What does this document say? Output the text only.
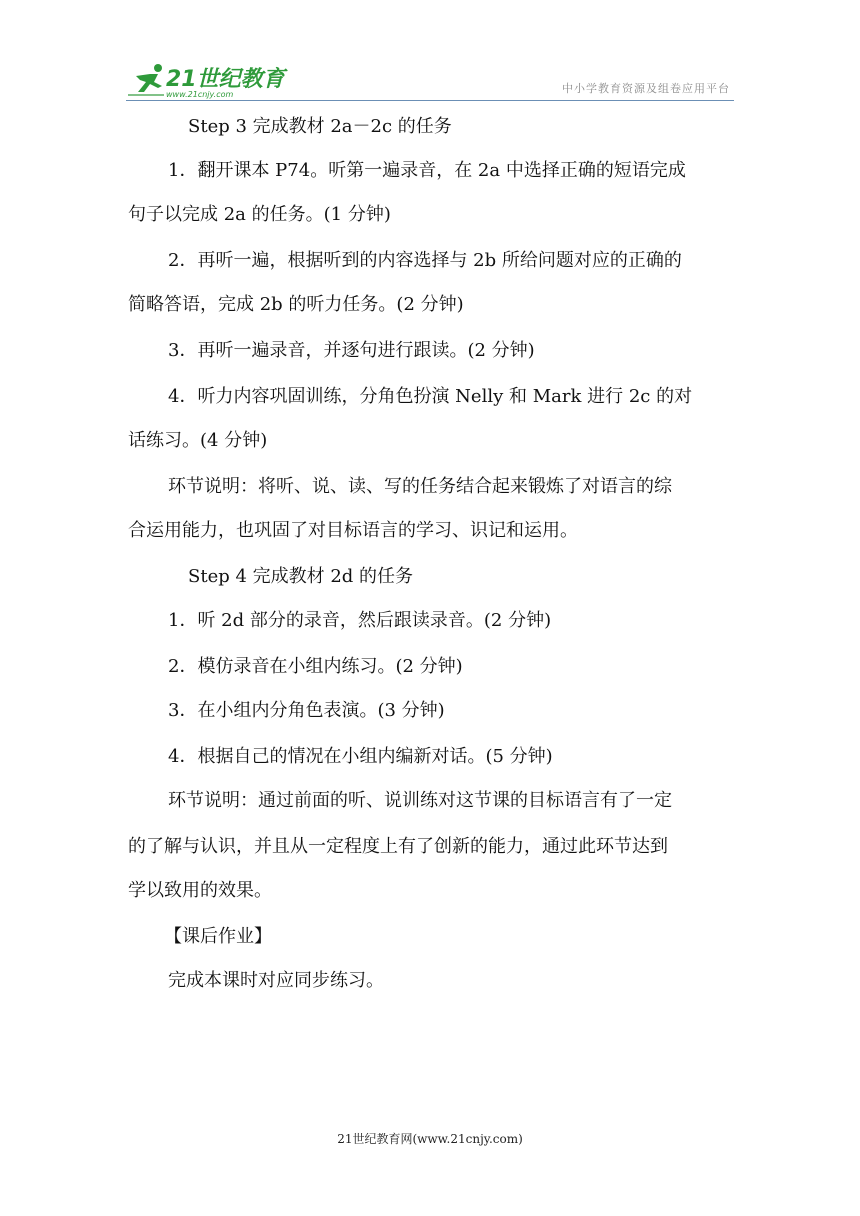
21世纪教育
www.21cnjy.com	中小学教育资源及组卷应用平台
Step 3 完成教材 2a－2c 的任务
1．翻开课本 P74。听第一遍录音，在 2a 中选择正确的短语完成
句子以完成 2a 的任务。(1 分钟)
2．再听一遍，根据听到的内容选择与 2b 所给问题对应的正确的
简略答语，完成 2b 的听力任务。(2 分钟)
3．再听一遍录音，并逐句进行跟读。(2 分钟)
4．听力内容巩固训练，分角色扮演 Nelly 和 Mark 进行 2c 的对
话练习。(4 分钟)
环节说明：将听、说、读、写的任务结合起来锻炼了对语言的综
合运用能力，也巩固了对目标语言的学习、识记和运用。
Step 4 完成教材 2d 的任务
1．听 2d 部分的录音，然后跟读录音。(2 分钟)
2．模仿录音在小组内练习。(2 分钟)
3．在小组内分角色表演。(3 分钟)
4．根据自己的情况在小组内编新对话。(5 分钟)
环节说明：通过前面的听、说训练对这节课的目标语言有了一定
的了解与认识，并且从一定程度上有了创新的能力，通过此环节达到
学以致用的效果。
【课后作业】
完成本课时对应同步练习。
21世纪教育网(www.21cnjy.com)
